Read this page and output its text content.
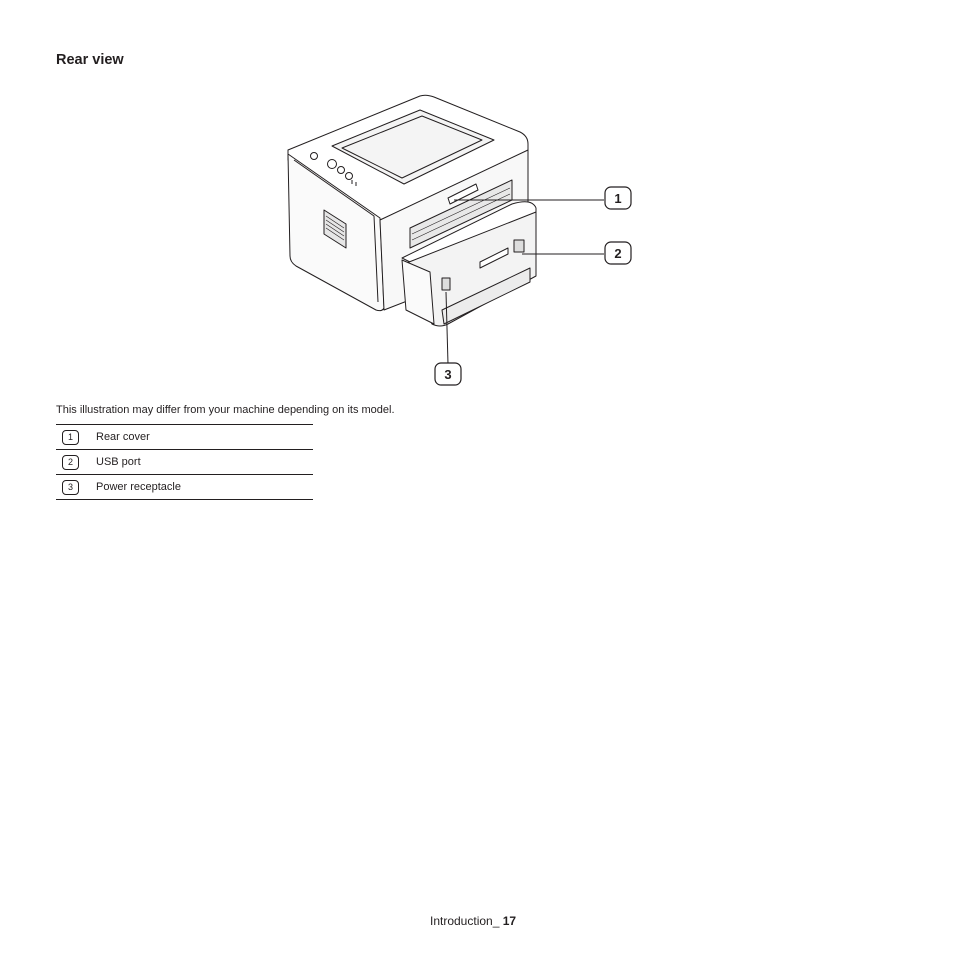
Rear view
1
2
3
This illustration may differ from your machine depending on its model.
1	Rear cover
2	USB port
3	Power receptacle
Introduction_ 17
